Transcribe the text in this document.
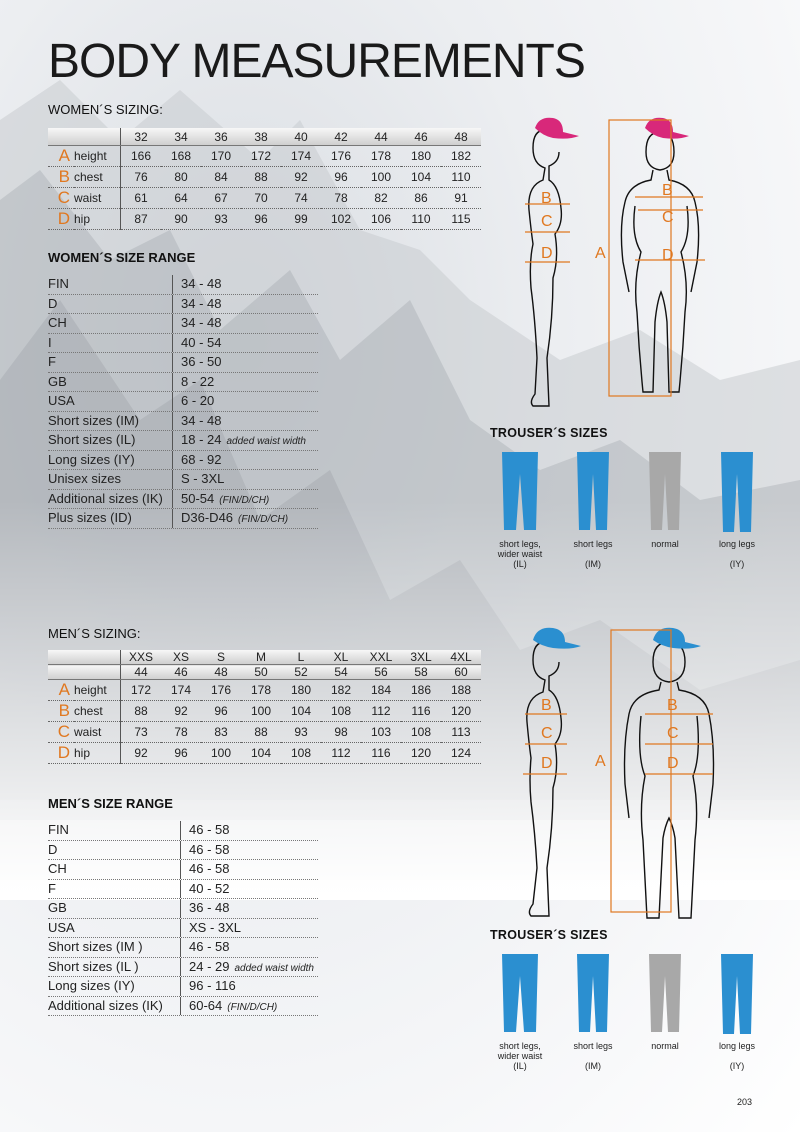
BODY MEASUREMENTS
WOMEN´S SIZING:
		32	34	36	38	40	42	44	46	48
A	height	166	168	170	172	174	176	178	180	182
B	chest	76	80	84	88	92	96	100	104	110
C	waist	61	64	67	70	74	78	82	86	91
D	hip	87	90	93	96	99	102	106	110	115
WOMEN´S SIZE RANGE
FIN	34 - 48
D	34 - 48
CH	34 - 48
I	40 - 54
F	36 - 50
GB	8 - 22
USA	6 - 20
Short sizes (IM)	34 - 48
Short sizes (IL)	18 - 24 added waist width
Long sizes (IY)	68 - 92
Unisex sizes	S - 3XL
Additional sizes (IK)	50-54 (FIN/D/CH)
Plus sizes (ID)	D36-D46 (FIN/D/CH)
MEN´S SIZING:
		XXS	XS	S	M	L	XL	XXL	3XL	4XL
		44	46	48	50	52	54	56	58	60
A	height	172	174	176	178	180	182	184	186	188
B	chest	88	92	96	100	104	108	112	116	120
C	waist	73	78	83	88	93	98	103	108	113
D	hip	92	96	100	104	108	112	116	120	124
MEN´S SIZE RANGE
FIN	46 - 58
D	46 - 58
CH	46 - 58
F	40 - 52
GB	36 - 48
USA	XS - 3XL
Short sizes (IM )	46 - 58
Short sizes (IL )	24 - 29 added waist width
Long sizes (IY)	96 - 116
Additional sizes (IK)	60-64 (FIN/D/CH)
B
C
D	A
B
C
D
TROUSER´S SIZES
short legs,
wider waist
(IL)
short legs

(IM)
normal	long legs

(IY)
B
C
D	A
B
C
D
TROUSER´S SIZES
short legs,
wider waist
(IL)
short legs

(IM)
normal	long legs

(IY)
203
